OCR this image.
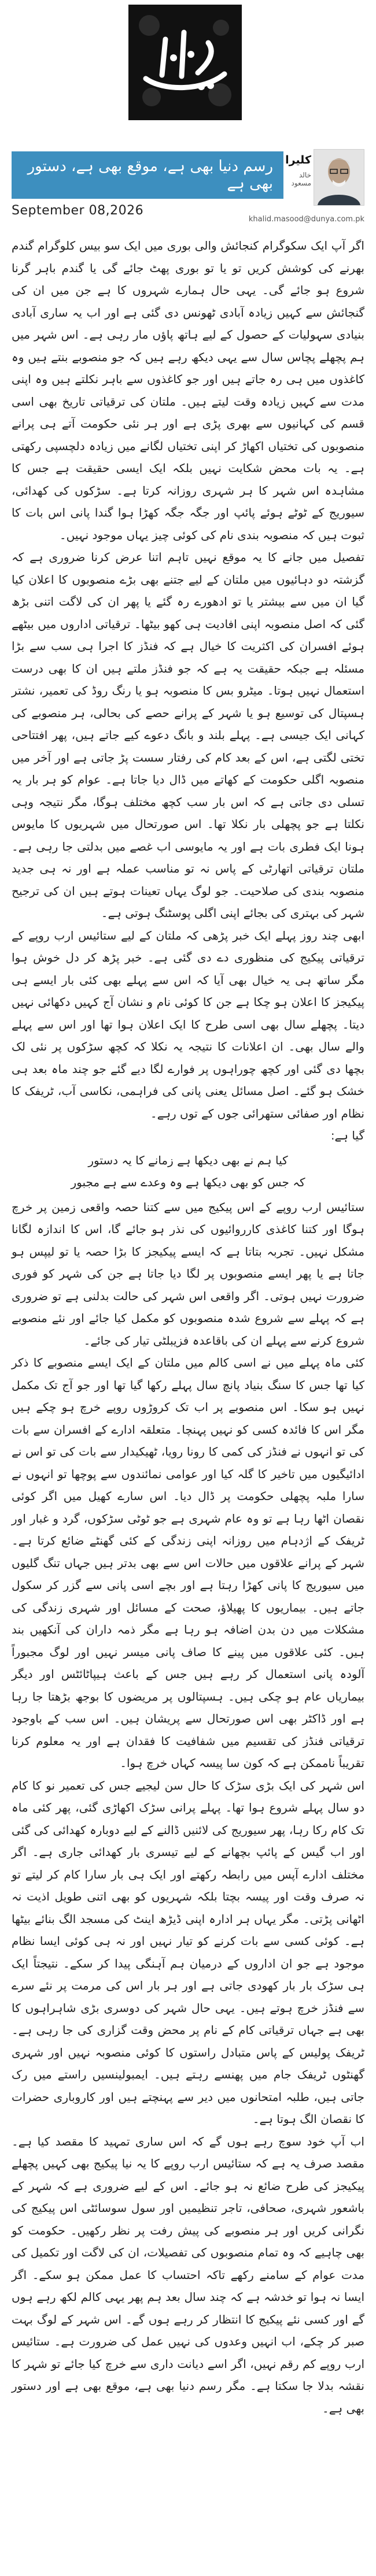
رسم دنیا بھی ہے، موقع بھی ہے، دستور بھی ہے
September 08,2026
کلیرا
خالد مسعود
khalid.masood@dunya.com.pk

اگر آپ ایک سکوگرام کنجائش والی بوری میں ایک سو بیس کلوگرام گندم بھرنے کی کوشش کریں تو یا تو بوری پھٹ جائے گی یا گندم باہر گرنا شروع ہو جائے گی۔ یہی حال ہمارے شہروں کا ہے جن میں ان کی گنجائش سے کہیں زیادہ آبادی ٹھونس دی گئی ہے اور اب یہ ساری آبادی بنیادی سہولیات کے حصول کے لیے ہاتھ پاؤں مار رہی ہے۔ اس شہر میں ہم پچھلے پچاس سال سے یہی دیکھ رہے ہیں کہ جو منصوبے بنتے ہیں وہ کاغذوں میں ہی رہ جاتے ہیں اور جو کاغذوں سے باہر نکلتے ہیں وہ اپنی مدت سے کہیں زیادہ وقت لیتے ہیں۔ ملتان کی ترقیاتی تاریخ بھی اسی قسم کی کہانیوں سے بھری پڑی ہے اور ہر نئی حکومت آتے ہی پرانے منصوبوں کی تختیاں اکھاڑ کر اپنی تختیاں لگانے میں زیادہ دلچسپی رکھتی ہے۔ یہ بات محض شکایت نہیں بلکہ ایک ایسی حقیقت ہے جس کا مشاہدہ اس شہر کا ہر شہری روزانہ کرتا ہے۔ سڑکوں کی کھدائی، سیوریج کے ٹوٹے ہوئے پائپ اور جگہ جگہ کھڑا ہوا گندا پانی اس بات کا ثبوت ہیں کہ منصوبہ بندی نام کی کوئی چیز یہاں موجود نہیں۔

تفصیل میں جانے کا یہ موقع نہیں تاہم اتنا عرض کرنا ضروری ہے کہ گزشتہ دو دہائیوں میں ملتان کے لیے جتنے بھی بڑے منصوبوں کا اعلان کیا گیا ان میں سے بیشتر یا تو ادھورے رہ گئے یا پھر ان کی لاگت اتنی بڑھ گئی کہ اصل منصوبہ اپنی افادیت ہی کھو بیٹھا۔ ترقیاتی اداروں میں بیٹھے ہوئے افسران کی اکثریت کا خیال ہے کہ فنڈز کا اجرا ہی سب سے بڑا مسئلہ ہے جبکہ حقیقت یہ ہے کہ جو فنڈز ملتے ہیں ان کا بھی درست استعمال نہیں ہوتا۔ میٹرو بس کا منصوبہ ہو یا رنگ روڈ کی تعمیر، نشتر ہسپتال کی توسیع ہو یا شہر کے پرانے حصے کی بحالی، ہر منصوبے کی کہانی ایک جیسی ہے۔ پہلے بلند و بانگ دعوے کیے جاتے ہیں، پھر افتتاحی تختی لگتی ہے، اس کے بعد کام کی رفتار سست پڑ جاتی ہے اور آخر میں منصوبہ اگلی حکومت کے کھاتے میں ڈال دیا جاتا ہے۔ عوام کو ہر بار یہ تسلی دی جاتی ہے کہ اس بار سب کچھ مختلف ہوگا، مگر نتیجہ وہی نکلتا ہے جو پچھلی بار نکلا تھا۔ اس صورتحال میں شہریوں کا مایوس ہونا ایک فطری بات ہے اور یہ مایوسی اب غصے میں بدلتی جا رہی ہے۔ ملتان ترقیاتی اتھارٹی کے پاس نہ تو مناسب عملہ ہے اور نہ ہی جدید منصوبہ بندی کی صلاحیت۔ جو لوگ یہاں تعینات ہوتے ہیں ان کی ترجیح شہر کی بہتری کی بجائے اپنی اگلی پوسٹنگ ہوتی ہے۔

ابھی چند روز پہلے ایک خبر پڑھی کہ ملتان کے لیے ستائیس ارب روپے کے ترقیاتی پیکیج کی منظوری دے دی گئی ہے۔ خبر پڑھ کر دل خوش ہوا مگر ساتھ ہی یہ خیال بھی آیا کہ اس سے پہلے بھی کئی بار ایسے ہی پیکیجز کا اعلان ہو چکا ہے جن کا کوئی نام و نشان آج کہیں دکھائی نہیں دیتا۔ پچھلے سال بھی اسی طرح کا ایک اعلان ہوا تھا اور اس سے پہلے والے سال بھی۔ ان اعلانات کا نتیجہ یہ نکلا کہ کچھ سڑکوں پر نئی لک بچھا دی گئی اور کچھ چوراہوں پر فوارے لگا دیے گئے جو چند ماہ بعد ہی خشک ہو گئے۔ اصل مسائل یعنی پانی کی فراہمی، نکاسی آب، ٹریفک کا نظام اور صفائی ستھرائی جوں کے توں رہے۔

گیا ہے:

کیا ہم نے بھی دیکھا ہے زمانے کا یہ دستور
کہ جس کو بھی دیکھا ہے وہ وعدے سے ہے مجبور

ستائیس ارب روپے کے اس پیکیج میں سے کتنا حصہ واقعی زمین پر خرچ ہوگا اور کتنا کاغذی کارروائیوں کی نذر ہو جائے گا، اس کا اندازہ لگانا مشکل نہیں۔ تجربہ بتاتا ہے کہ ایسے پیکیجز کا بڑا حصہ یا تو لیپس ہو جاتا ہے یا پھر ایسے منصوبوں پر لگا دیا جاتا ہے جن کی شہر کو فوری ضرورت نہیں ہوتی۔ اگر واقعی اس شہر کی حالت بدلنی ہے تو ضروری ہے کہ پہلے سے شروع شدہ منصوبوں کو مکمل کیا جائے اور نئے منصوبے شروع کرنے سے پہلے ان کی باقاعدہ فزیبلٹی تیار کی جائے۔

کئی ماہ پہلے میں نے اسی کالم میں ملتان کے ایک ایسے منصوبے کا ذکر کیا تھا جس کا سنگ بنیاد پانچ سال پہلے رکھا گیا تھا اور جو آج تک مکمل نہیں ہو سکا۔ اس منصوبے پر اب تک کروڑوں روپے خرچ ہو چکے ہیں مگر اس کا فائدہ کسی کو نہیں پہنچا۔ متعلقہ ادارے کے افسران سے بات کی تو انہوں نے فنڈز کی کمی کا رونا رویا، ٹھیکیدار سے بات کی تو اس نے ادائیگیوں میں تاخیر کا گلہ کیا اور عوامی نمائندوں سے پوچھا تو انہوں نے سارا ملبہ پچھلی حکومت پر ڈال دیا۔ اس سارے کھیل میں اگر کوئی نقصان اٹھا رہا ہے تو وہ عام شہری ہے جو ٹوٹی سڑکوں، گرد و غبار اور ٹریفک کے اژدہام میں روزانہ اپنی زندگی کے کئی گھنٹے ضائع کرتا ہے۔ شہر کے پرانے علاقوں میں حالات اس سے بھی بدتر ہیں جہاں تنگ گلیوں میں سیوریج کا پانی کھڑا رہتا ہے اور بچے اسی پانی سے گزر کر سکول جاتے ہیں۔ بیماریوں کا پھیلاؤ، صحت کے مسائل اور شہری زندگی کی مشکلات میں دن بدن اضافہ ہو رہا ہے مگر ذمہ داران کی آنکھیں بند ہیں۔ کئی علاقوں میں پینے کا صاف پانی میسر نہیں اور لوگ مجبوراً آلودہ پانی استعمال کر رہے ہیں جس کے باعث ہیپاٹائٹس اور دیگر بیماریاں عام ہو چکی ہیں۔ ہسپتالوں پر مریضوں کا بوجھ بڑھتا جا رہا ہے اور ڈاکٹر بھی اس صورتحال سے پریشان ہیں۔ اس سب کے باوجود ترقیاتی فنڈز کی تقسیم میں شفافیت کا فقدان ہے اور یہ معلوم کرنا تقریباً ناممکن ہے کہ کون سا پیسہ کہاں خرچ ہوا۔

اس شہر کی ایک بڑی سڑک کا حال سن لیجیے جس کی تعمیر نو کا کام دو سال پہلے شروع ہوا تھا۔ پہلے پرانی سڑک اکھاڑی گئی، پھر کئی ماہ تک کام رکا رہا، پھر سیوریج کی لائنیں ڈالنے کے لیے دوبارہ کھدائی کی گئی اور اب گیس کے پائپ بچھانے کے لیے تیسری بار کھدائی جاری ہے۔ اگر مختلف ادارے آپس میں رابطہ رکھتے اور ایک ہی بار سارا کام کر لیتے تو نہ صرف وقت اور پیسہ بچتا بلکہ شہریوں کو بھی اتنی طویل اذیت نہ اٹھانی پڑتی۔ مگر یہاں ہر ادارہ اپنی ڈیڑھ اینٹ کی مسجد الگ بنائے بیٹھا ہے۔ کوئی کسی سے بات کرنے کو تیار نہیں اور نہ ہی کوئی ایسا نظام موجود ہے جو ان اداروں کے درمیان ہم آہنگی پیدا کر سکے۔ نتیجتاً ایک ہی سڑک بار بار کھودی جاتی ہے اور ہر بار اس کی مرمت پر نئے سرے سے فنڈز خرچ ہوتے ہیں۔ یہی حال شہر کی دوسری بڑی شاہراہوں کا بھی ہے جہاں ترقیاتی کام کے نام پر محض وقت گزاری کی جا رہی ہے۔ ٹریفک پولیس کے پاس متبادل راستوں کا کوئی منصوبہ نہیں اور شہری گھنٹوں ٹریفک جام میں پھنسے رہتے ہیں۔ ایمبولینسیں راستے میں رک جاتی ہیں، طلبہ امتحانوں میں دیر سے پہنچتے ہیں اور کاروباری حضرات کا نقصان الگ ہوتا ہے۔

اب آپ خود سوچ رہے ہوں گے کہ اس ساری تمہید کا مقصد کیا ہے۔ مقصد صرف یہ ہے کہ ستائیس ارب روپے کا یہ نیا پیکیج بھی کہیں پچھلے پیکیجز کی طرح ضائع نہ ہو جائے۔ اس کے لیے ضروری ہے کہ شہر کے باشعور شہری، صحافی، تاجر تنظیمیں اور سول سوسائٹی اس پیکیج کی نگرانی کریں اور ہر منصوبے کی پیش رفت پر نظر رکھیں۔ حکومت کو بھی چاہیے کہ وہ تمام منصوبوں کی تفصیلات، ان کی لاگت اور تکمیل کی مدت عوام کے سامنے رکھے تاکہ احتساب کا عمل ممکن ہو سکے۔ اگر ایسا نہ ہوا تو خدشہ ہے کہ چند سال بعد ہم پھر یہی کالم لکھ رہے ہوں گے اور کسی نئے پیکیج کا انتظار کر رہے ہوں گے۔ اس شہر کے لوگ بہت صبر کر چکے، اب انہیں وعدوں کی نہیں عمل کی ضرورت ہے۔ ستائیس ارب روپے کم رقم نہیں، اگر اسے دیانت داری سے خرچ کیا جائے تو شہر کا نقشہ بدلا جا سکتا ہے۔ مگر رسم دنیا بھی ہے، موقع بھی ہے اور دستور بھی ہے۔
